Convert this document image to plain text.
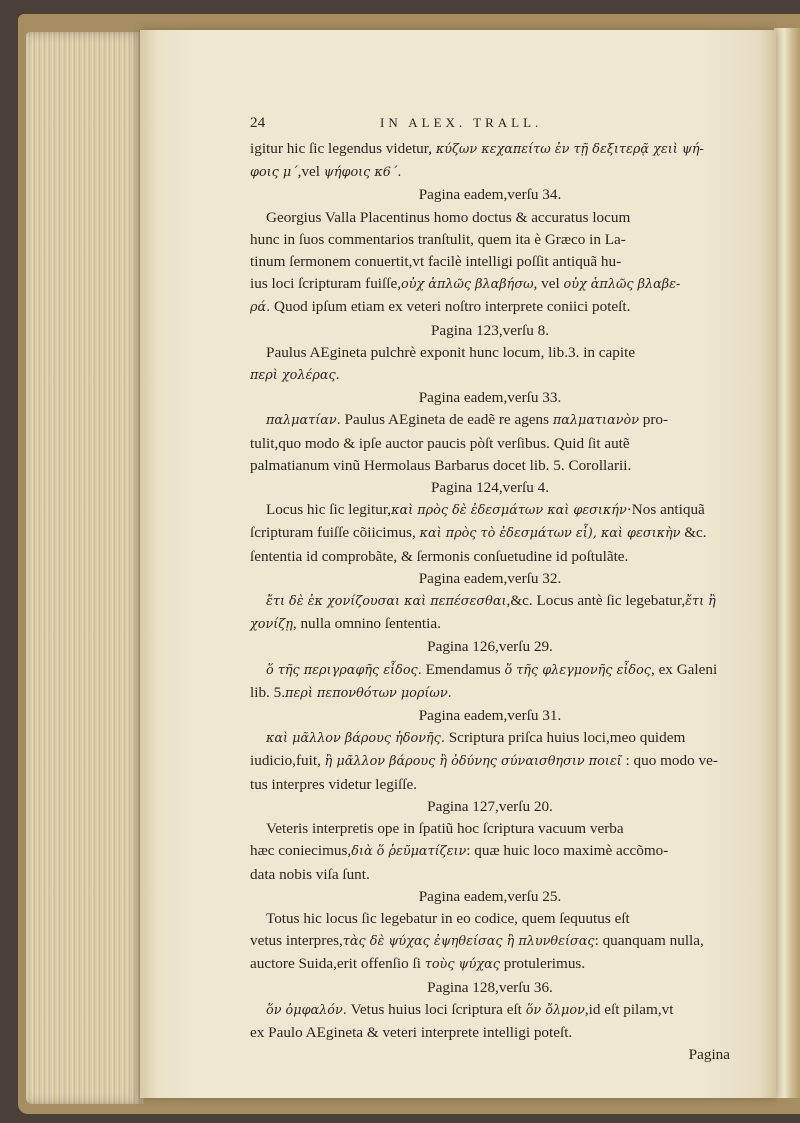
24	IN ALEX. TRALL.
igitur hic ſic legendus videtur, κύζων κεχαπείτω ἐν τῇ δεξιτερᾷ χειὶ ψή-
φοις μ΄,vel ψήφοις κ6΄.
Pagina eadem,verſu 34.
Georgius Valla Placentinus homo doctus & accuratus locum
hunc in ſuos commentarios tranſtulit, quem ita è Græco in La-
tinum ſermonem conuertit,vt facilè intelligi poſſit antiquã hu-
ius loci ſcripturam fuiſſe,οὐχ ἁπλῶς βλαβήσω, vel οὐχ ἁπλῶς βλαβε-
ρά. Quod ipſum etiam ex veteri noſtro interprete coniici poteſt.
Pagina 123,verſu 8.
Paulus AEgineta pulchrè exponit hunc locum, lib.3. in capite
περὶ χολέρας.
Pagina eadem,verſu 33.
παλματίαν. Paulus AEgineta de eadẽ re agens παλματιανὸν pro-
tulit,quo modo & ipſe auctor paucis pòſt verſibus. Quid ſit autẽ
palmatianum vinũ Hermolaus Barbarus docet lib. 5. Corollarii.
Pagina 124,verſu 4.
Locus hic ſic legitur,καὶ πρὸς δὲ ἐδεσμάτων καὶ φεσικήν·Nos antiquã
ſcripturam fuiſſe cõiicimus, καὶ πρὸς τὸ ἐδεσμάτων εἶ), καὶ φεσικὴν &c.
ſententia id comprobãte, & ſermonis conſuetudine id poſtulãte.
Pagina eadem,verſu 32.
ἔτι δὲ ἐκ χονίζουσαι καὶ πεπέσεσθαι,&c. Locus antè ſic legebatur,ἔτι ἢ
χονίζῃ, nulla omnino ſententia.
Pagina 126,verſu 29.
ὅ τῆς περιγραφῆς εἶδος. Emendamus ὅ τῆς φλεγμονῆς εἶδος, ex Galeni
lib. 5.περὶ πεπονθότων μορίων.
Pagina eadem,verſu 31.
καὶ μᾶλλον βάρους ἡδονῆς. Scriptura priſca huius loci,meo quidem
iudicio,fuit, ἢ μᾶλλον βάρους ἢ ὀδύνης σύναισθησιν ποιεῖ : quo modo ve-
tus interpres videtur legiſſe.
Pagina 127,verſu 20.
Veteris interpretis ope in ſpatiũ hoc ſcriptura vacuum verba
hæc coniecimus,διὰ ὅ ῥεῦματίζειν: quæ huic loco maximè accõmo-
data nobis viſa ſunt.
Pagina eadem,verſu 25.
Totus hic locus ſic legebatur in eo codice, quem ſequutus eſt
vetus interpres,τὰς δὲ ψύχας ἐψηθείσας ἢ πλυνθείσας: quanquam nulla,
auctore Suida,erit offenſio ſi τοὺς ψύχας protulerimus.
Pagina 128,verſu 36.
ὅν ὀμφαλόν. Vetus huius loci ſcriptura eſt ὅν ὄλμον,id eſt pilam,vt
ex Paulo AEgineta & veteri interprete intelligi poteſt.
Pagina
